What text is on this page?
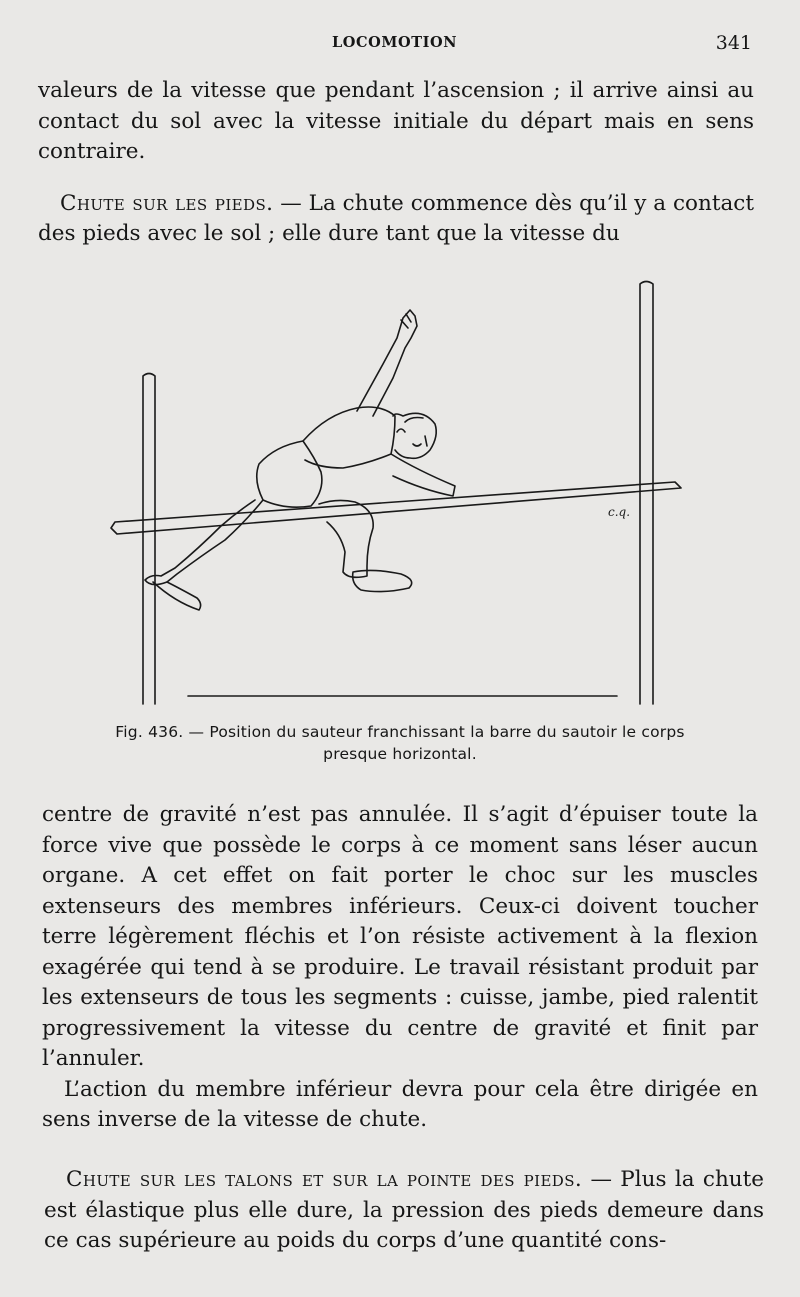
LOCOMOTION	341

valeurs de la vitesse que pendant l’ascension ; il arrive ainsi au contact du sol avec la vitesse initiale du départ mais en sens contraire.

Chute sur les pieds. — La chute commence dès qu’il y a contact des pieds avec le sol ; elle dure tant que la vitesse du

c.q.
Fig. 436. — Position du sauteur franchissant la barre du sautoir le corps
presque horizontal.

centre de gravité n’est pas annulée. Il s’agit d’épuiser toute la force vive que possède le corps à ce moment sans léser aucun organe. A cet effet on fait porter le choc sur les muscles extenseurs des membres inférieurs. Ceux-ci doivent toucher terre légèrement fléchis et l’on résiste activement à la flexion exagérée qui tend à se produire. Le travail résistant produit par les extenseurs de tous les segments : cuisse, jambe, pied ralentit progressivement la vitesse du centre de gravité et finit par l’annuler.

L’action du membre inférieur devra pour cela être dirigée en sens inverse de la vitesse de chute.

Chute sur les talons et sur la pointe des pieds. — Plus la chute est élastique plus elle dure, la pression des pieds demeure dans ce cas supérieure au poids du corps d’une quantité cons-
